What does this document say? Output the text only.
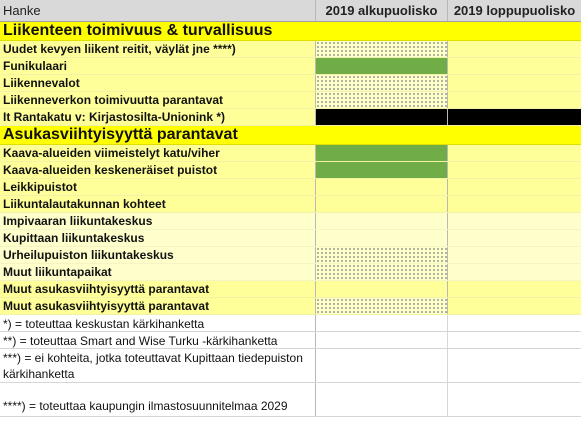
Hanke	2019 alkupuolisko	2019 loppupuolisko
Liikenteen toimivuus & turvallisuus
Uudet kevyen liikent reitit, väylät jne ****)
Funikulaari
Liikennevalot
Liikenneverkon toimivuutta parantavat
It Rantakatu v: Kirjastosilta-Unionink *)
Asukasviihtyisyyttä parantavat
Kaava-alueiden viimeistelyt katu/viher
Kaava-alueiden keskeneräiset puistot
Leikkipuistot
Liikuntalautakunnan kohteet
Impivaaran liikuntakeskus
Kupittaan liikuntakeskus
Urheilupuiston liikuntakeskus
Muut liikuntapaikat
Muut asukasviihtyisyyttä parantavat
Muut asukasviihtyisyyttä parantavat
*) = toteuttaa keskustan kärkihanketta
**) = toteuttaa Smart and Wise Turku -kärkihanketta
***) = ei kohteita, jotka toteuttavat Kupittaan tiedepuiston kärkihanketta
****) = toteuttaa kaupungin ilmastosuunnitelmaa 2029
